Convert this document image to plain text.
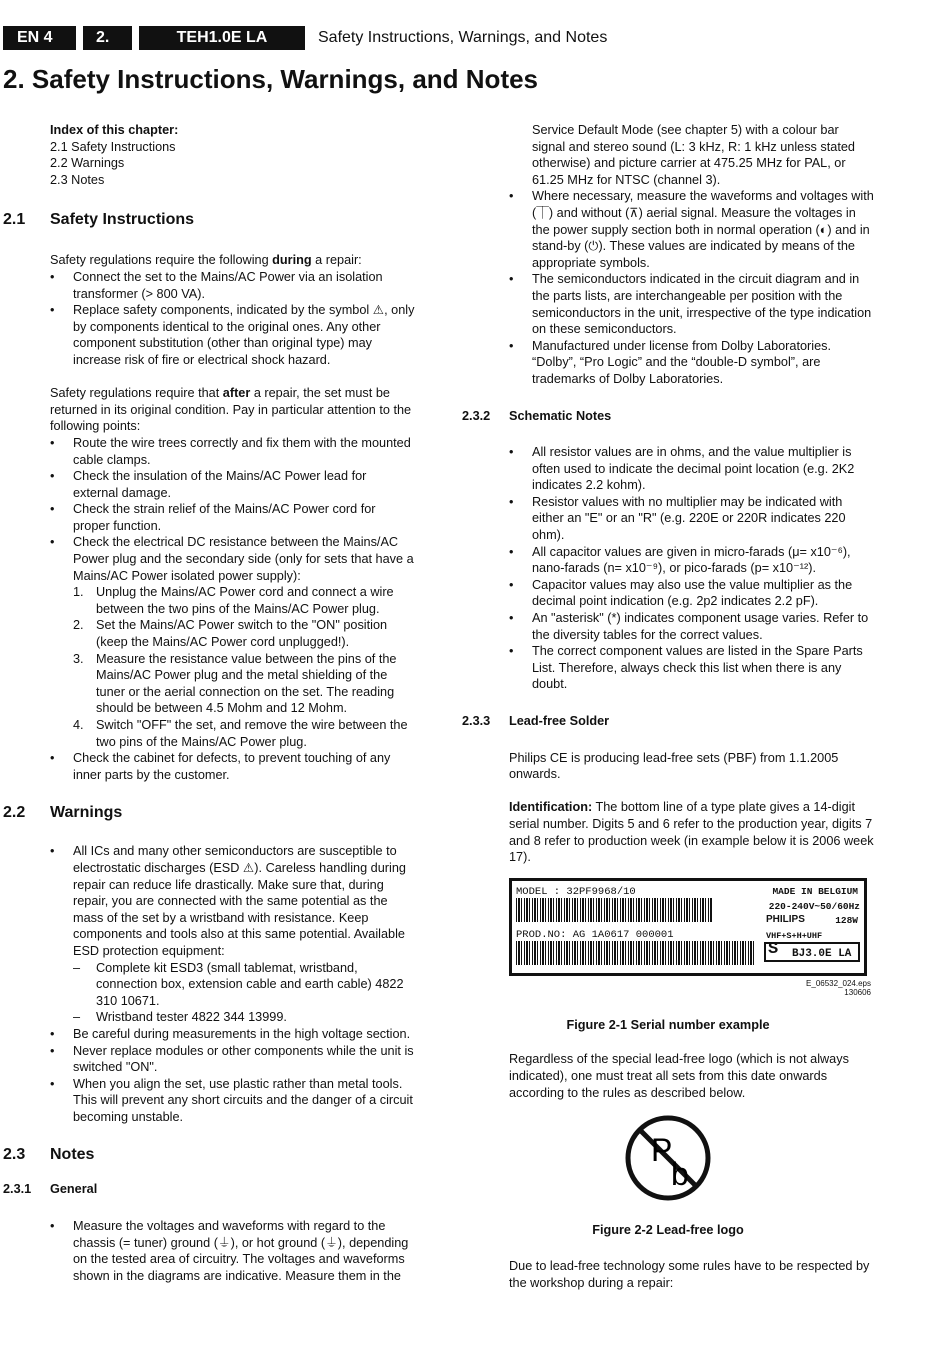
EN 4	2.	TEH1.0E LA	Safety Instructions, Warnings, and Notes
2. Safety Instructions, Warnings, and Notes

Index of this chapter:

2.1 Safety Instructions

2.2 Warnings

2.3 Notes

2.1 Safety Instructions

Safety regulations require the following during a repair:

• Connect the set to the Mains/AC Power via an isolation transformer (> 800 VA).
• Replace safety components, indicated by the symbol ⚠, only by components identical to the original ones. Any other component substitution (other than original type) may increase risk of fire or electrical shock hazard.

Safety regulations require that after a repair, the set must be returned in its original condition. Pay in particular attention to the following points:

• Route the wire trees correctly and fix them with the mounted cable clamps.
• Check the insulation of the Mains/AC Power lead for external damage.
• Check the strain relief of the Mains/AC Power cord for proper function.
• Check the electrical DC resistance between the Mains/AC Power plug and the secondary side (only for sets that have a Mains/AC Power isolated power supply):
1. Unplug the Mains/AC Power cord and connect a wire between the two pins of the Mains/AC Power plug.
2. Set the Mains/AC Power switch to the "ON" position (keep the Mains/AC Power cord unplugged!).
3. Measure the resistance value between the pins of the Mains/AC Power plug and the metal shielding of the tuner or the aerial connection on the set. The reading should be between 4.5 Mohm and 12 Mohm.
4. Switch "OFF" the set, and remove the wire between the two pins of the Mains/AC Power plug.
• Check the cabinet for defects, to prevent touching of any inner parts by the customer.
2.2 Warnings
• All ICs and many other semiconductors are susceptible to electrostatic discharges (ESD ⚠). Careless handling during repair can reduce life drastically. Make sure that, during repair, you are connected with the same potential as the mass of the set by a wristband with resistance. Keep components and tools also at this same potential. Available ESD protection equipment:
– Complete kit ESD3 (small tablemat, wristband, connection box, extension cable and earth cable) 4822 310 10671.
– Wristband tester 4822 344 13999.
• Be careful during measurements in the high voltage section.
• Never replace modules or other components while the unit is switched "ON".
• When you align the set, use plastic rather than metal tools. This will prevent any short circuits and the danger of a circuit becoming unstable.
2.3 Notes
2.3.1 General
• Measure the voltages and waveforms with regard to the chassis (= tuner) ground (⏚), or hot ground (⏚), depending on the tested area of circuitry. The voltages and waveforms shown in the diagrams are indicative. Measure them in the

Service Default Mode (see chapter 5) with a colour bar signal and stereo sound (L: 3 kHz, R: 1 kHz unless stated otherwise) and picture carrier at 475.25 MHz for PAL, or 61.25 MHz for NTSC (channel 3).

• Where necessary, measure the waveforms and voltages with (⏉) and without (⊼) aerial signal. Measure the voltages in the power supply section both in normal operation (◐) and in stand-by (⏻). These values are indicated by means of the appropriate symbols.
• The semiconductors indicated in the circuit diagram and in the parts lists, are interchangeable per position with the semiconductors in the unit, irrespective of the type indication on these semiconductors.
• Manufactured under license from Dolby Laboratories. “Dolby”, “Pro Logic” and the “double-D symbol”, are trademarks of Dolby Laboratories.
2.3.2 Schematic Notes
• All resistor values are in ohms, and the value multiplier is often used to indicate the decimal point location (e.g. 2K2 indicates 2.2 kohm).
• Resistor values with no multiplier may be indicated with either an "E" or an "R" (e.g. 220E or 220R indicates 220 ohm).
• All capacitor values are given in micro-farads (μ= x10⁻⁶), nano-farads (n= x10⁻⁹), or pico-farads (p= x10⁻¹²).
• Capacitor values may also use the value multiplier as the decimal point indication (e.g. 2p2 indicates 2.2 pF).
• An "asterisk" (*) indicates component usage varies. Refer to the diversity tables for the correct values.
• The correct component values are listed in the Spare Parts List. Therefore, always check this list when there is any doubt.
2.3.3 Lead-free Solder

Philips CE is producing lead-free sets (PBF) from 1.1.2005 onwards.

Identification: The bottom line of a type plate gives a 14-digit serial number. Digits 5 and 6 refer to the production year, digits 7 and 8 refer to production week (in example below it is 2006 week 17).

MODEL : 32PF9968/10
PROD.NO: AG 1A0617 000001
MADE IN BELGIUM
220-240V~50/60Hz
PHILIPS	128W
VHF+S+H+UHF
S BJ3.0E LA
E_06532_024.eps
130606

Figure 2-1 Serial number example

Regardless of the special lead-free logo (which is not always indicated), one must treat all sets from this date onwards according to the rules as described below.

P
b

Figure 2-2 Lead-free logo

Due to lead-free technology some rules have to be respected by the workshop during a repair:
